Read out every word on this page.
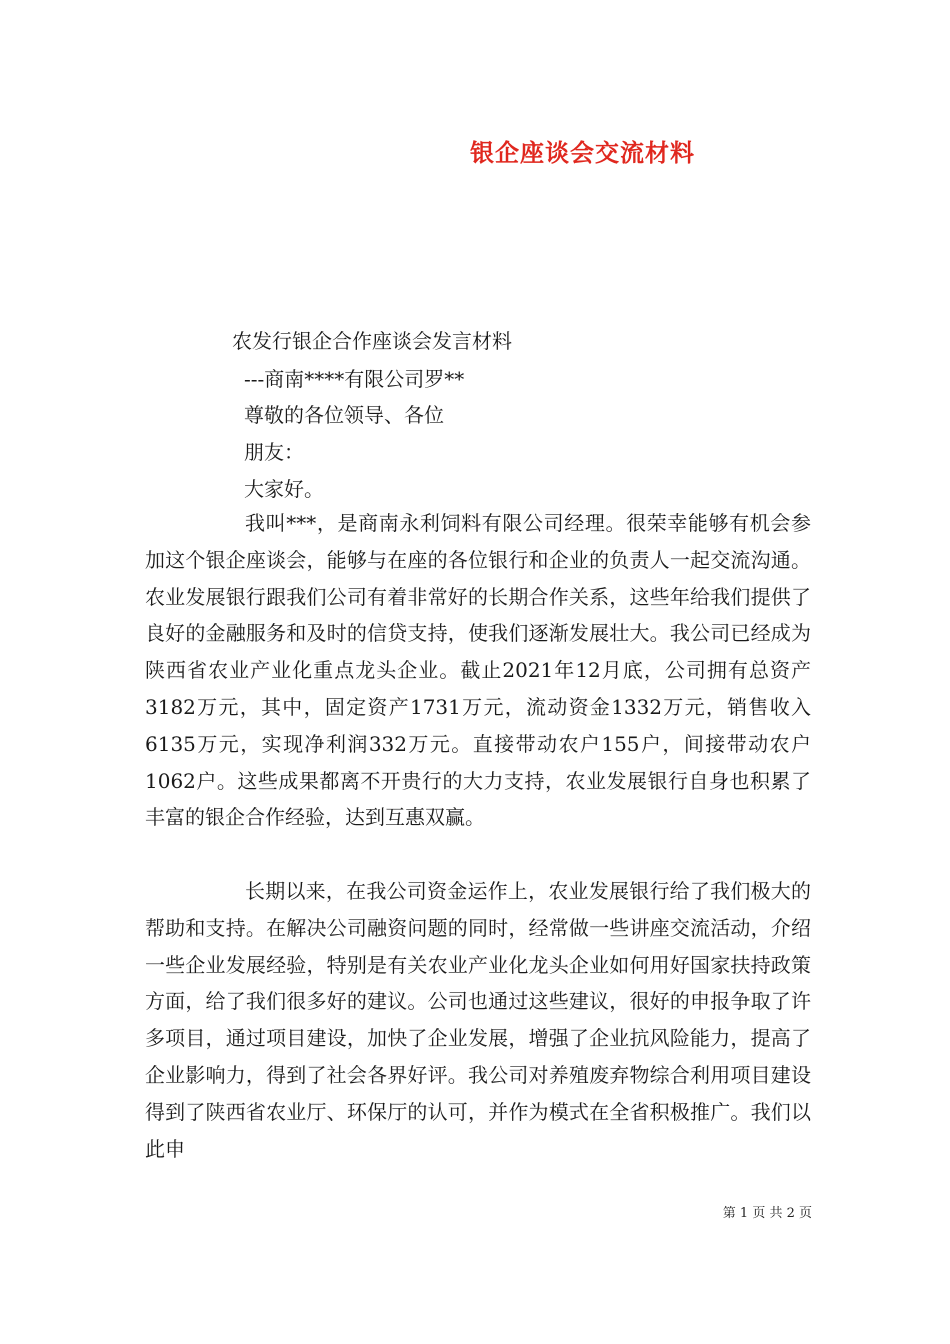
银企座谈会交流材料
农发行银企合作座谈会发言材料
---商南****有限公司罗**
尊敬的各位领导、各位
朋友：
大家好。

我叫***，是商南永利饲料有限公司经理。很荣幸能够有机会参加这个银企座谈会，能够与在座的各位银行和企业的负责人一起交流沟通。农业发展银行跟我们公司有着非常好的长期合作关系，这些年给我们提供了良好的金融服务和及时的信贷支持，使我们逐渐发展壮大。我公司已经成为陕西省农业产业化重点龙头企业。截止2021年12月底，公司拥有总资产3182万元，其中，固定资产1731万元，流动资金1332万元，销售收入6135万元，实现净利润332万元。直接带动农户155户，间接带动农户1062户。这些成果都离不开贵行的大力支持，农业发展银行自身也积累了丰富的银企合作经验，达到互惠双赢。

长期以来，在我公司资金运作上，农业发展银行给了我们极大的帮助和支持。在解决公司融资问题的同时，经常做一些讲座交流活动，介绍一些企业发展经验，特别是有关农业产业化龙头企业如何用好国家扶持政策方面，给了我们很多好的建议。公司也通过这些建议，很好的申报争取了许多项目，通过项目建设，加快了企业发展，增强了企业抗风险能力，提高了企业影响力，得到了社会各界好评。我公司对养殖废弃物综合利用项目建设得到了陕西省农业厅、环保厅的认可，并作为模式在全省积极推广。我们以此申

第 1 页 共 2 页
